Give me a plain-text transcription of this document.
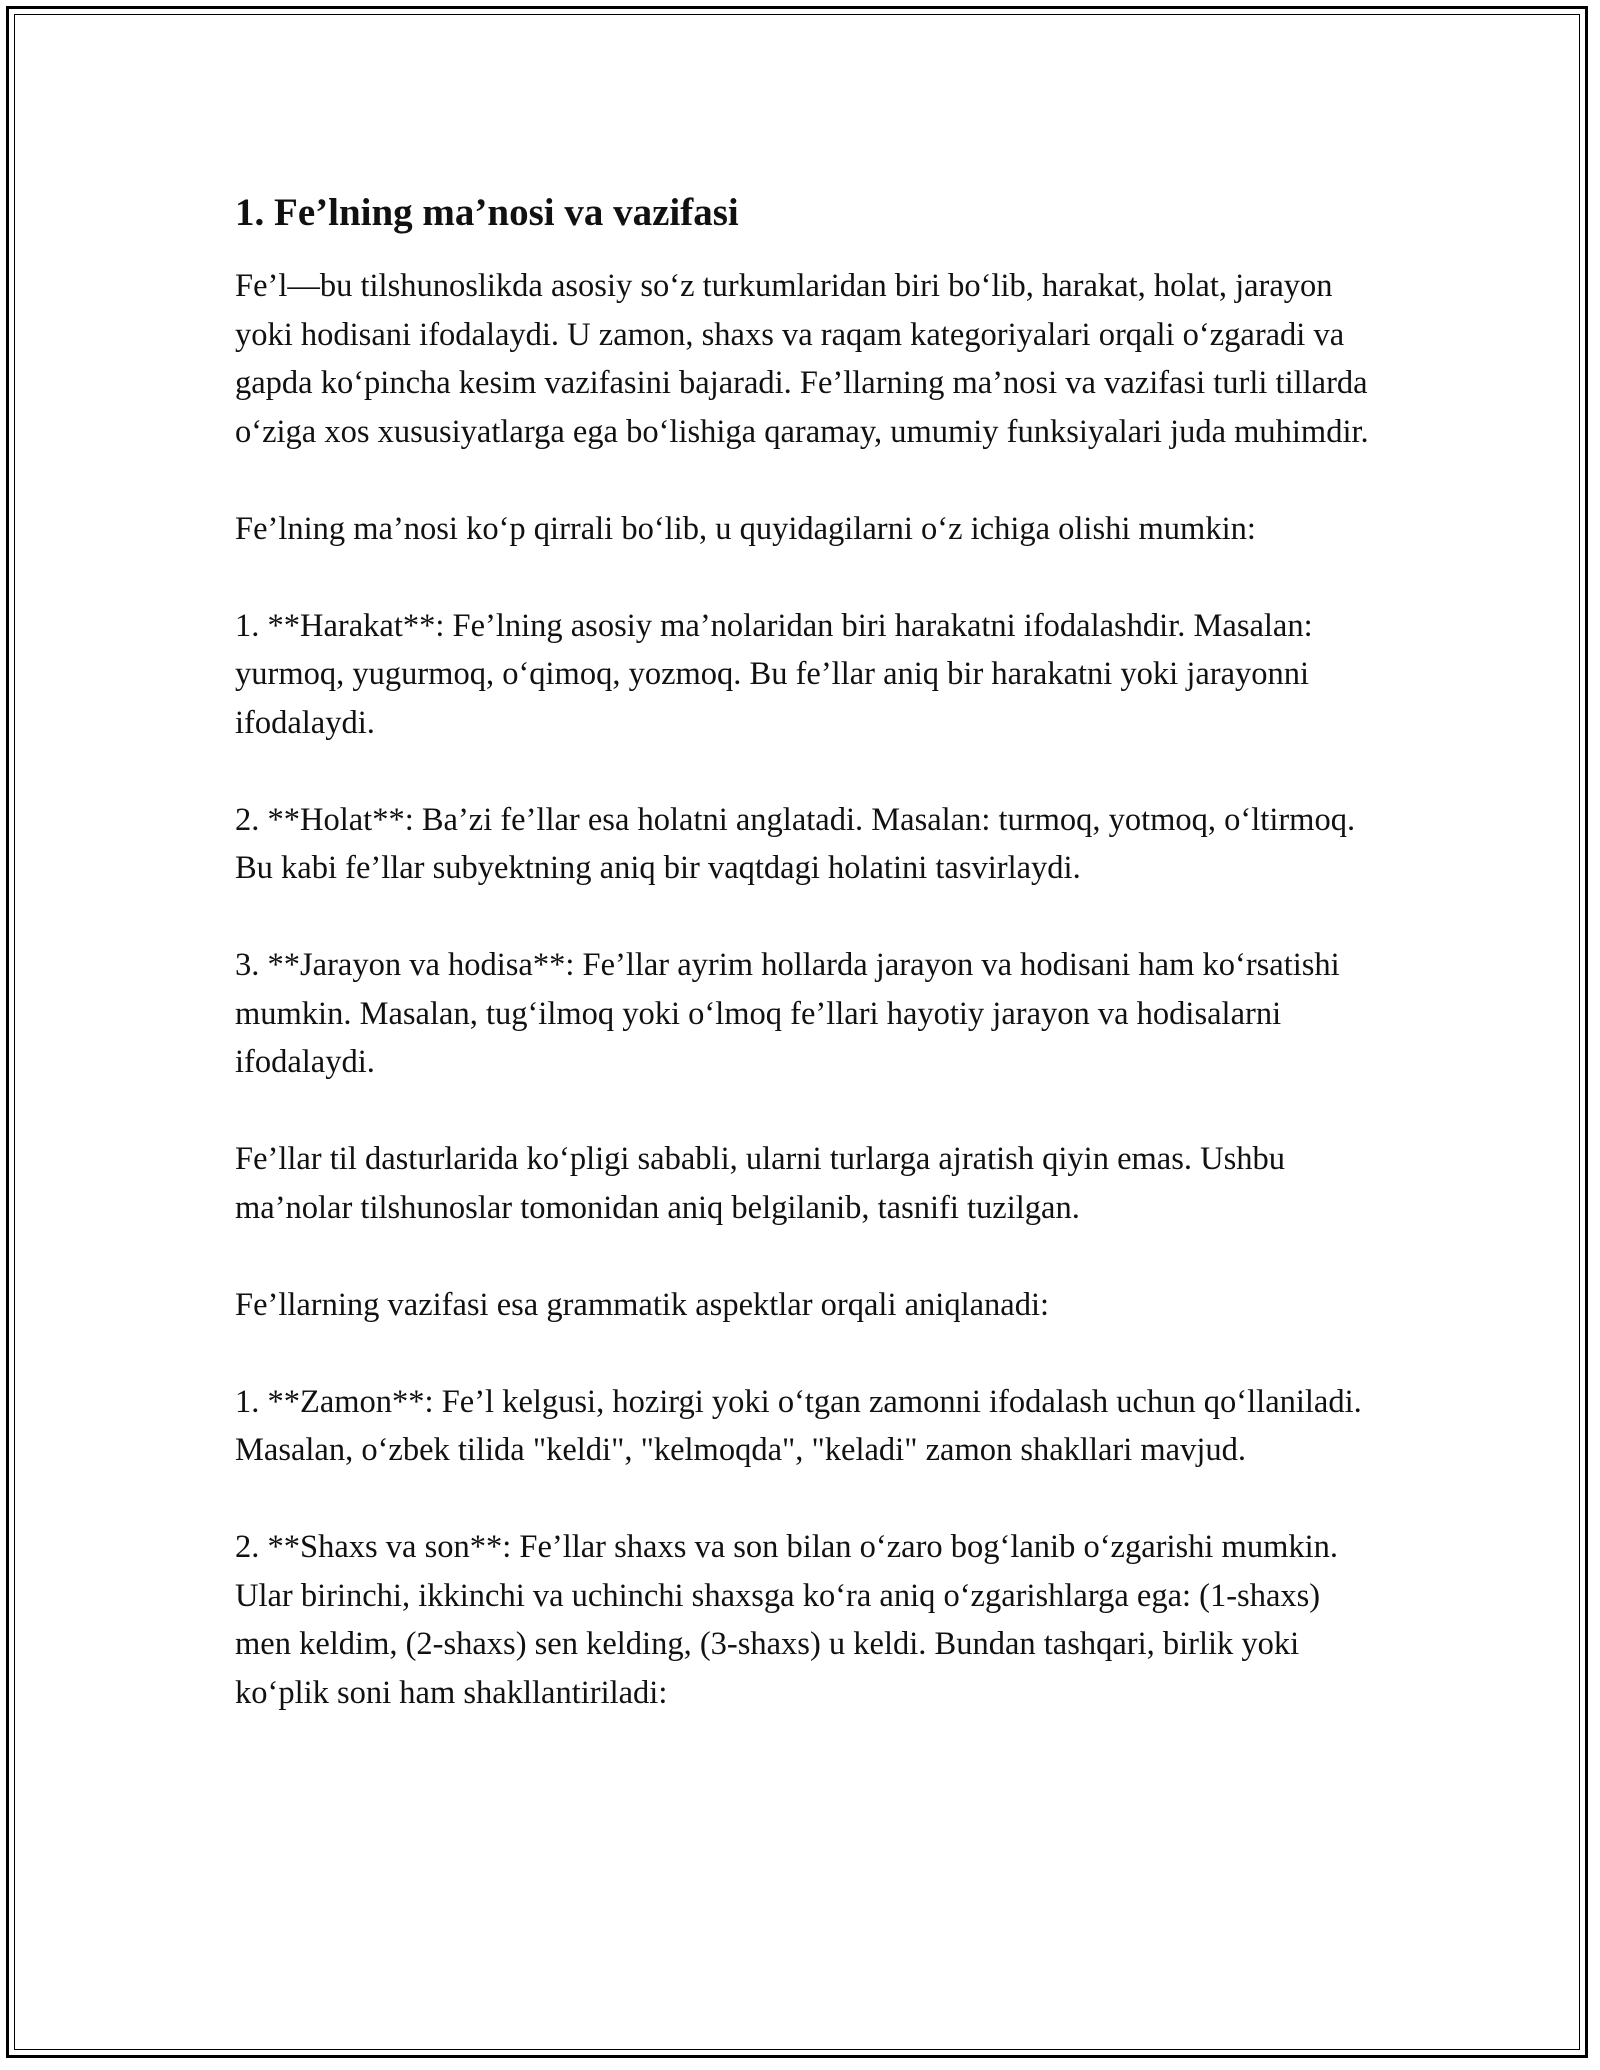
1. Fe’lning ma’nosi va vazifasi

Fe’l—bu tilshunoslikda asosiy so‘z turkumlaridan biri bo‘lib, harakat, holat, jarayon yoki hodisani ifodalaydi. U zamon, shaxs va raqam kategoriyalari orqali o‘zgaradi va gapda ko‘pincha kesim vazifasini bajaradi. Fe’llarning ma’nosi va vazifasi turli tillarda o‘ziga xos xususiyatlarga ega bo‘lishiga qaramay, umumiy funksiyalari juda muhimdir.

Fe’lning ma’nosi ko‘p qirrali bo‘lib, u quyidagilarni o‘z ichiga olishi mumkin:

1. **Harakat**: Fe’lning asosiy ma’nolaridan biri harakatni ifodalashdir. Masalan: yurmoq, yugurmoq, o‘qimoq, yozmoq. Bu fe’llar aniq bir harakatni yoki jarayonni ifodalaydi.

2. **Holat**: Ba’zi fe’llar esa holatni anglatadi. Masalan: turmoq, yotmoq, o‘ltirmoq. Bu kabi fe’llar subyektning aniq bir vaqtdagi holatini tasvirlaydi.

3. **Jarayon va hodisa**: Fe’llar ayrim hollarda jarayon va hodisani ham ko‘rsatishi mumkin. Masalan, tug‘ilmoq yoki o‘lmoq fe’llari hayotiy jarayon va hodisalarni ifodalaydi.

Fe’llar til dasturlarida ko‘pligi sababli, ularni turlarga ajratish qiyin emas. Ushbu ma’nolar tilshunoslar tomonidan aniq belgilanib, tasnifi tuzilgan.

Fe’llarning vazifasi esa grammatik aspektlar orqali aniqlanadi:

1. **Zamon**: Fe’l kelgusi, hozirgi yoki o‘tgan zamonni ifodalash uchun qo‘llaniladi. Masalan, o‘zbek tilida "keldi", "kelmoqda", "keladi" zamon shakllari mavjud.

2. **Shaxs va son**: Fe’llar shaxs va son bilan o‘zaro bog‘lanib o‘zgarishi mumkin. Ular birinchi, ikkinchi va uchinchi shaxsga ko‘ra aniq o‘zgarishlarga ega: (1-shaxs) men keldim, (2-shaxs) sen kelding, (3-shaxs) u keldi. Bundan tashqari, birlik yoki ko‘plik soni ham shakllantiriladi:
